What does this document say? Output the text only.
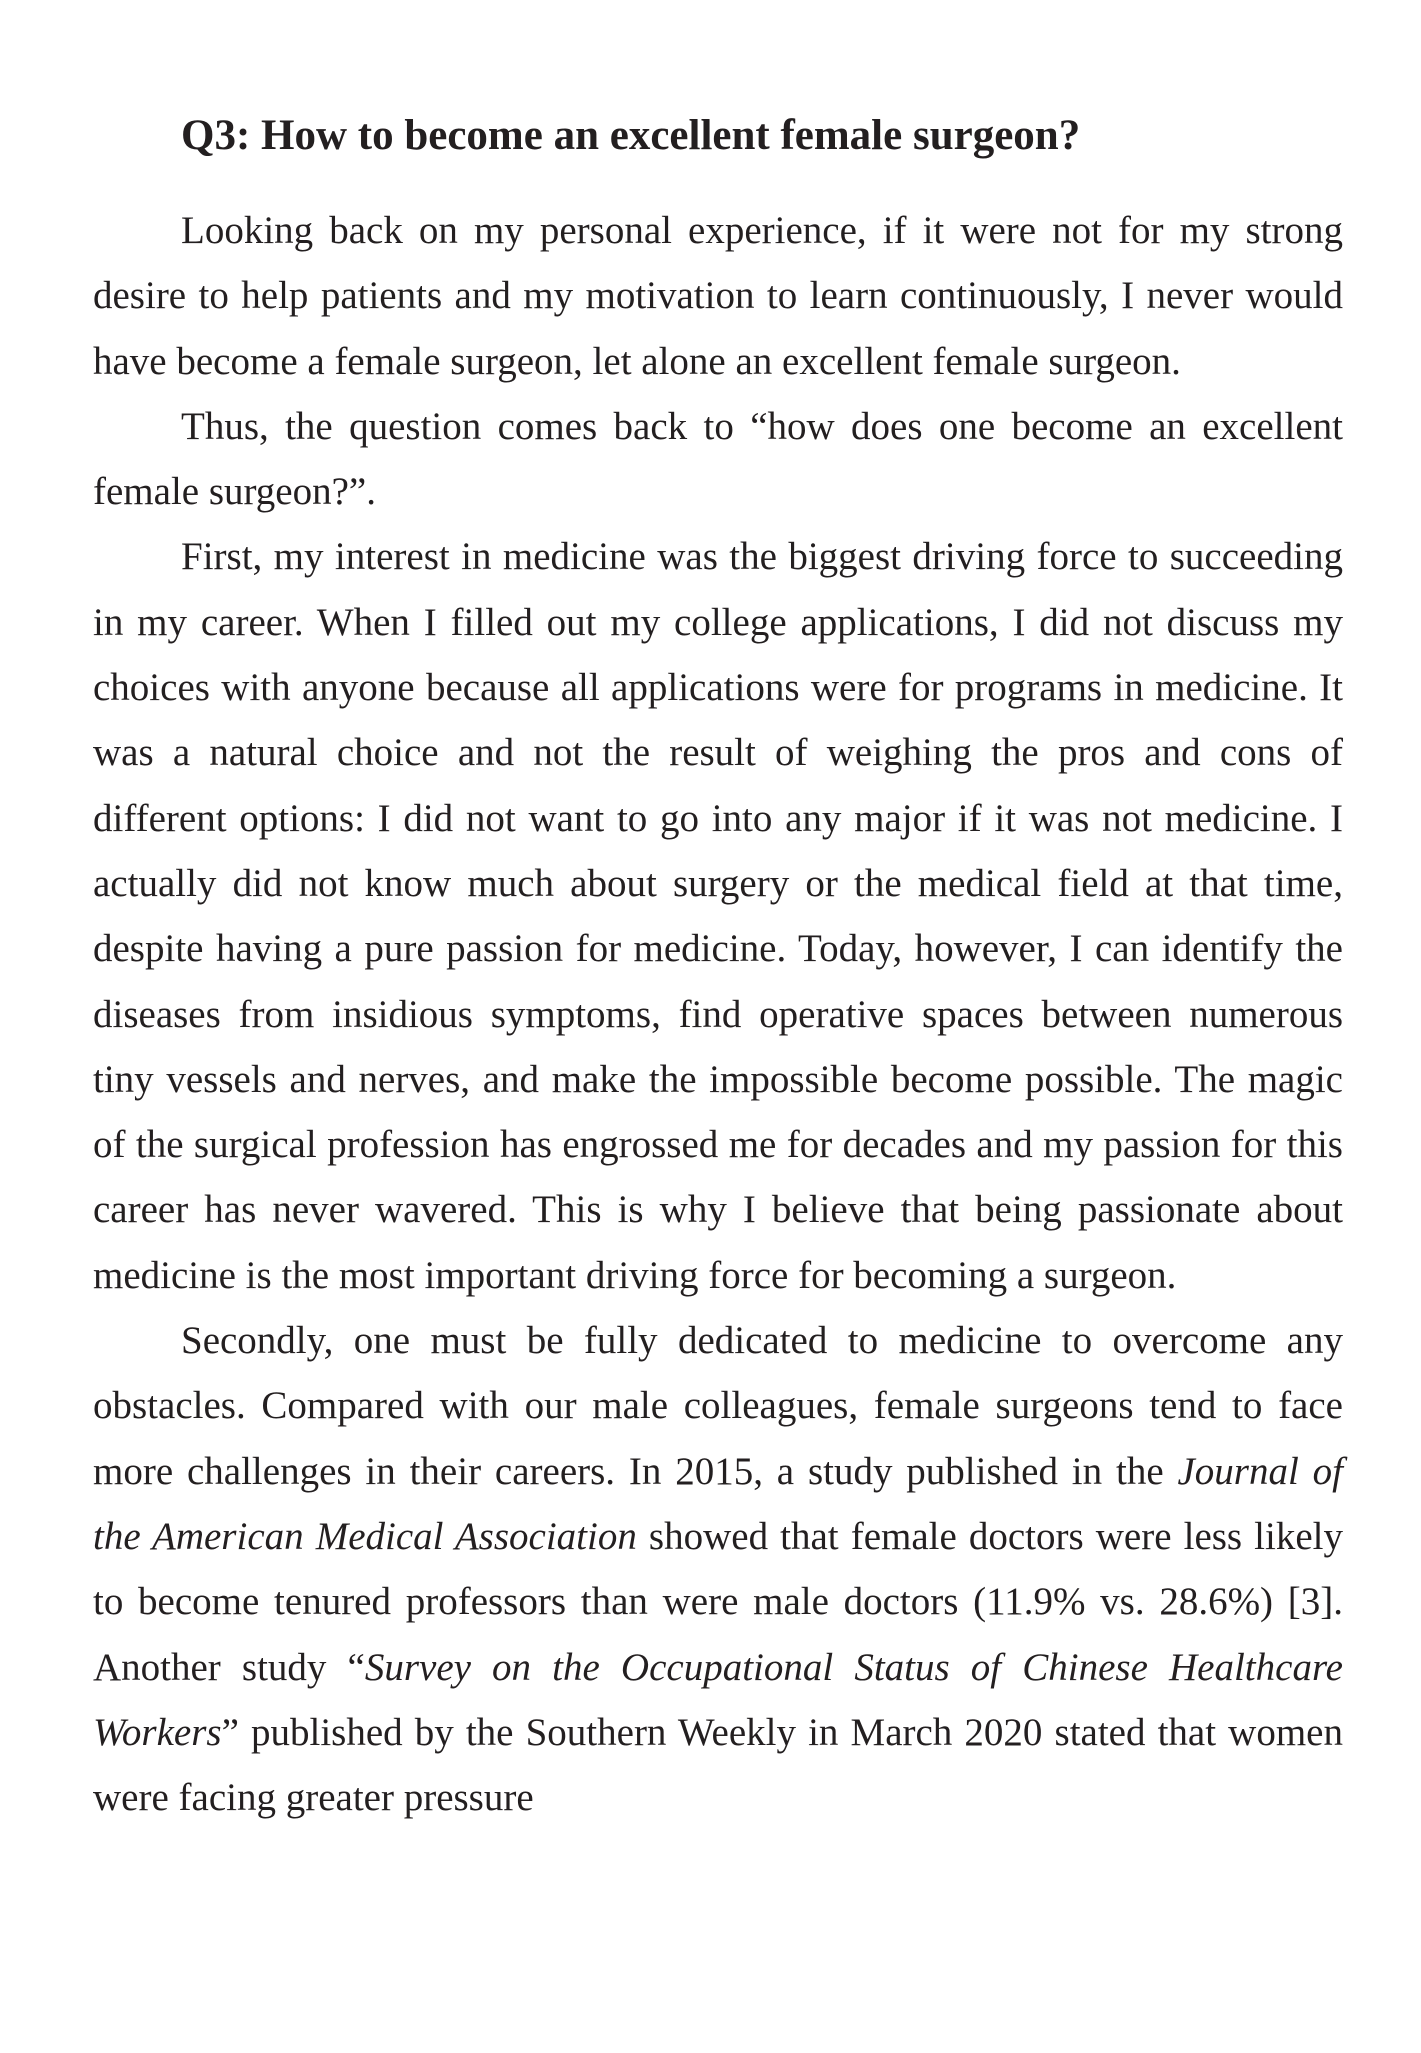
Q3: How to become an excellent female surgeon?

Looking back on my personal experience, if it were not for my strong desire to help patients and my motivation to learn continuously, I never would have become a female surgeon, let alone an excellent female surgeon.

Thus, the question comes back to “how does one become an excellent female surgeon?”.

First, my interest in medicine was the biggest driving force to succeeding in my career. When I filled out my college applications, I did not discuss my choices with anyone because all applications were for programs in medicine. It was a natural choice and not the result of weighing the pros and cons of different options: I did not want to go into any major if it was not medicine. I actually did not know much about surgery or the medical field at that time, despite having a pure passion for medicine. Today, however, I can identify the diseases from insidious symptoms, find operative spaces between numerous tiny vessels and nerves, and make the impossible become possible. The magic of the surgical profession has engrossed me for decades and my passion for this career has never wavered. This is why I believe that being passionate about medicine is the most important driving force for becoming a surgeon.

Secondly, one must be fully dedicated to medicine to overcome any obstacles. Compared with our male colleagues, female surgeons tend to face more challenges in their careers. In 2015, a study published in the Journal of the American Medical Association showed that female doctors were less likely to become tenured professors than were male doctors (11.9% vs. 28.6%) [3]. Another study “Survey on the Occupational Status of Chinese Healthcare Workers” published by the Southern Weekly in March 2020 stated that women were facing greater pressure
